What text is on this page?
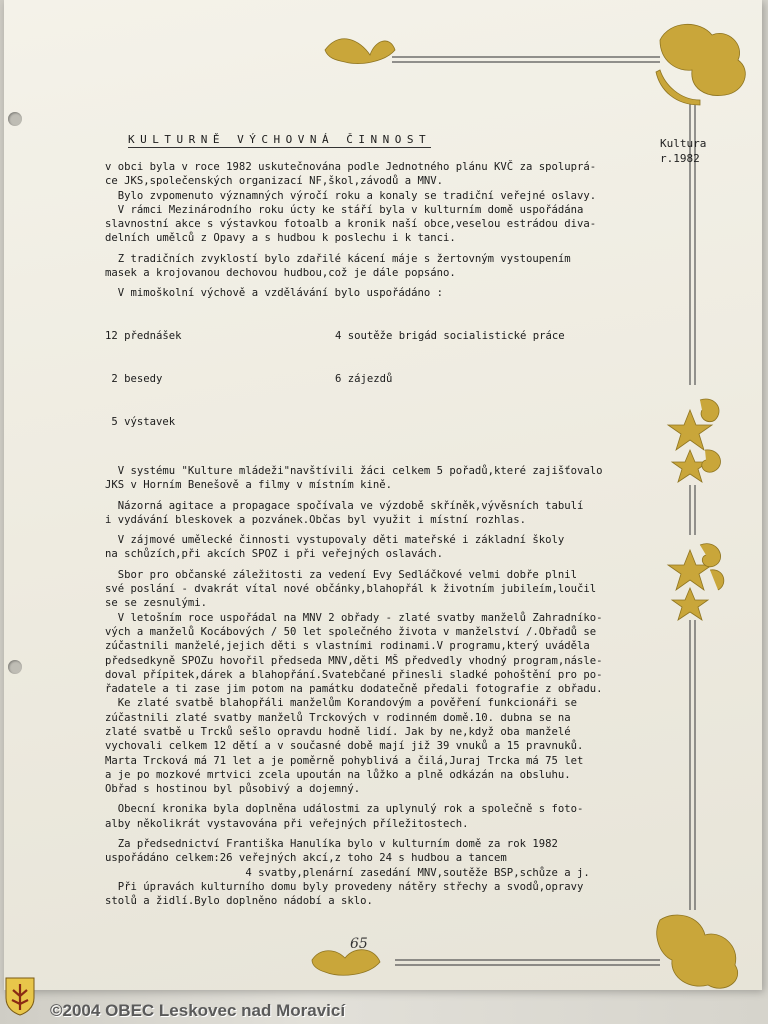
KULTURNĚ VÝCHOVNÁ ČINNOST	Kultura
r.1982

v obci byla v roce 1982 uskutečnována podle Jednotného plánu KVČ za spoluprá-

ce JKS,společenských organizací NF,škol,závodů a MNV.

Bylo zvpomenuto významných výročí roku a konaly se tradiční veřejné oslavy.

V rámci Mezinárodního roku úcty ke stáří byla v kulturním domě uspořádána

slavnostní akce s výstavkou fotoalb a kronik naší obce,veselou estrádou diva-

delních umělců z Opavy a s hudbou k poslechu i k tanci.

Z tradičních zvyklostí bylo zdařilé kácení máje s žertovným vystoupením

masek a krojovanou dechovou hudbou,což je dále popsáno.

V mimoškolní výchově a vzdělávání bylo uspořádáno :

12 přednášek

2 besedy

5 výstavek

4 soutěže brigád socialistické práce

6 zájezdů

V systému "Kulture mládeži"navštívili žáci celkem 5 pořadů,které zajišťovalo

JKS v Horním Benešově a filmy v místním kině.

Názorná agitace a propagace spočívala ve výzdobě skříněk,vývěsních tabulí

i vydávání bleskovek a pozvánek.Občas byl využit i místní rozhlas.

V zájmové umělecké činnosti vystupovaly děti mateřské i základní školy

na schůzích,při akcích SPOZ i při veřejných oslavách.

Sbor pro občanské záležitosti za vedení Evy Sedláčkové velmi dobře plnil

své poslání - dvakrát vítal nové občánky,blahopřál k životním jubileím,loučil

se se zesnulými.

V letošním roce uspořádal na MNV 2 obřady - zlaté svatby manželů Zahradníko-

vých a manželů Kocábových / 50 let společného života v manželství /.Obřadů se

zúčastnili manželé,jejich děti s vlastními rodinami.V programu,který uváděla

předsedkyně SPOZu hovořil předseda MNV,děti MŠ předvedly vhodný program,násle-

doval přípitek,dárek a blahopřání.Svatebčané přinesli sladké pohoštění pro po-

řadatele a ti zase jim potom na památku dodatečně předali fotografie z obřadu.

Ke zlaté svatbě blahopřáli manželům Korandovým a pověření funkcionáři se

zúčastnili zlaté svatby manželů Trckových v rodinném domě.10. dubna se na

zlaté svatbě u Trcků sešlo opravdu hodně lidí. Jak by ne,když oba manželé

vychovali celkem 12 dětí a v současné době mají již 39 vnuků a 15 pravnuků.

Marta Trcková má 71 let a je poměrně pohyblivá a čilá,Juraj Trcka má 75 let

a je po mozkové mrtvici zcela upoután na lůžko a plně odkázán na obsluhu.

Obřad s hostinou byl působivý a dojemný.

Obecní kronika byla doplněna událostmi za uplynulý rok a společně s foto-

alby několikrát vystavována při veřejných příležitostech.

Za předsednictví Františka Hanulíka bylo v kulturním domě za rok 1982

uspořádáno celkem:26 veřejných akcí,z toho 24 s hudbou a tancem

4 svatby,plenární zasedání MNV,soutěže BSP,schůze a j.

Při úpravách kulturního domu byly provedeny nátěry střechy a svodů,opravy

stolů a židlí.Bylo doplněno nádobí a sklo.

65
©2004 OBEC Leskovec nad Moravicí
